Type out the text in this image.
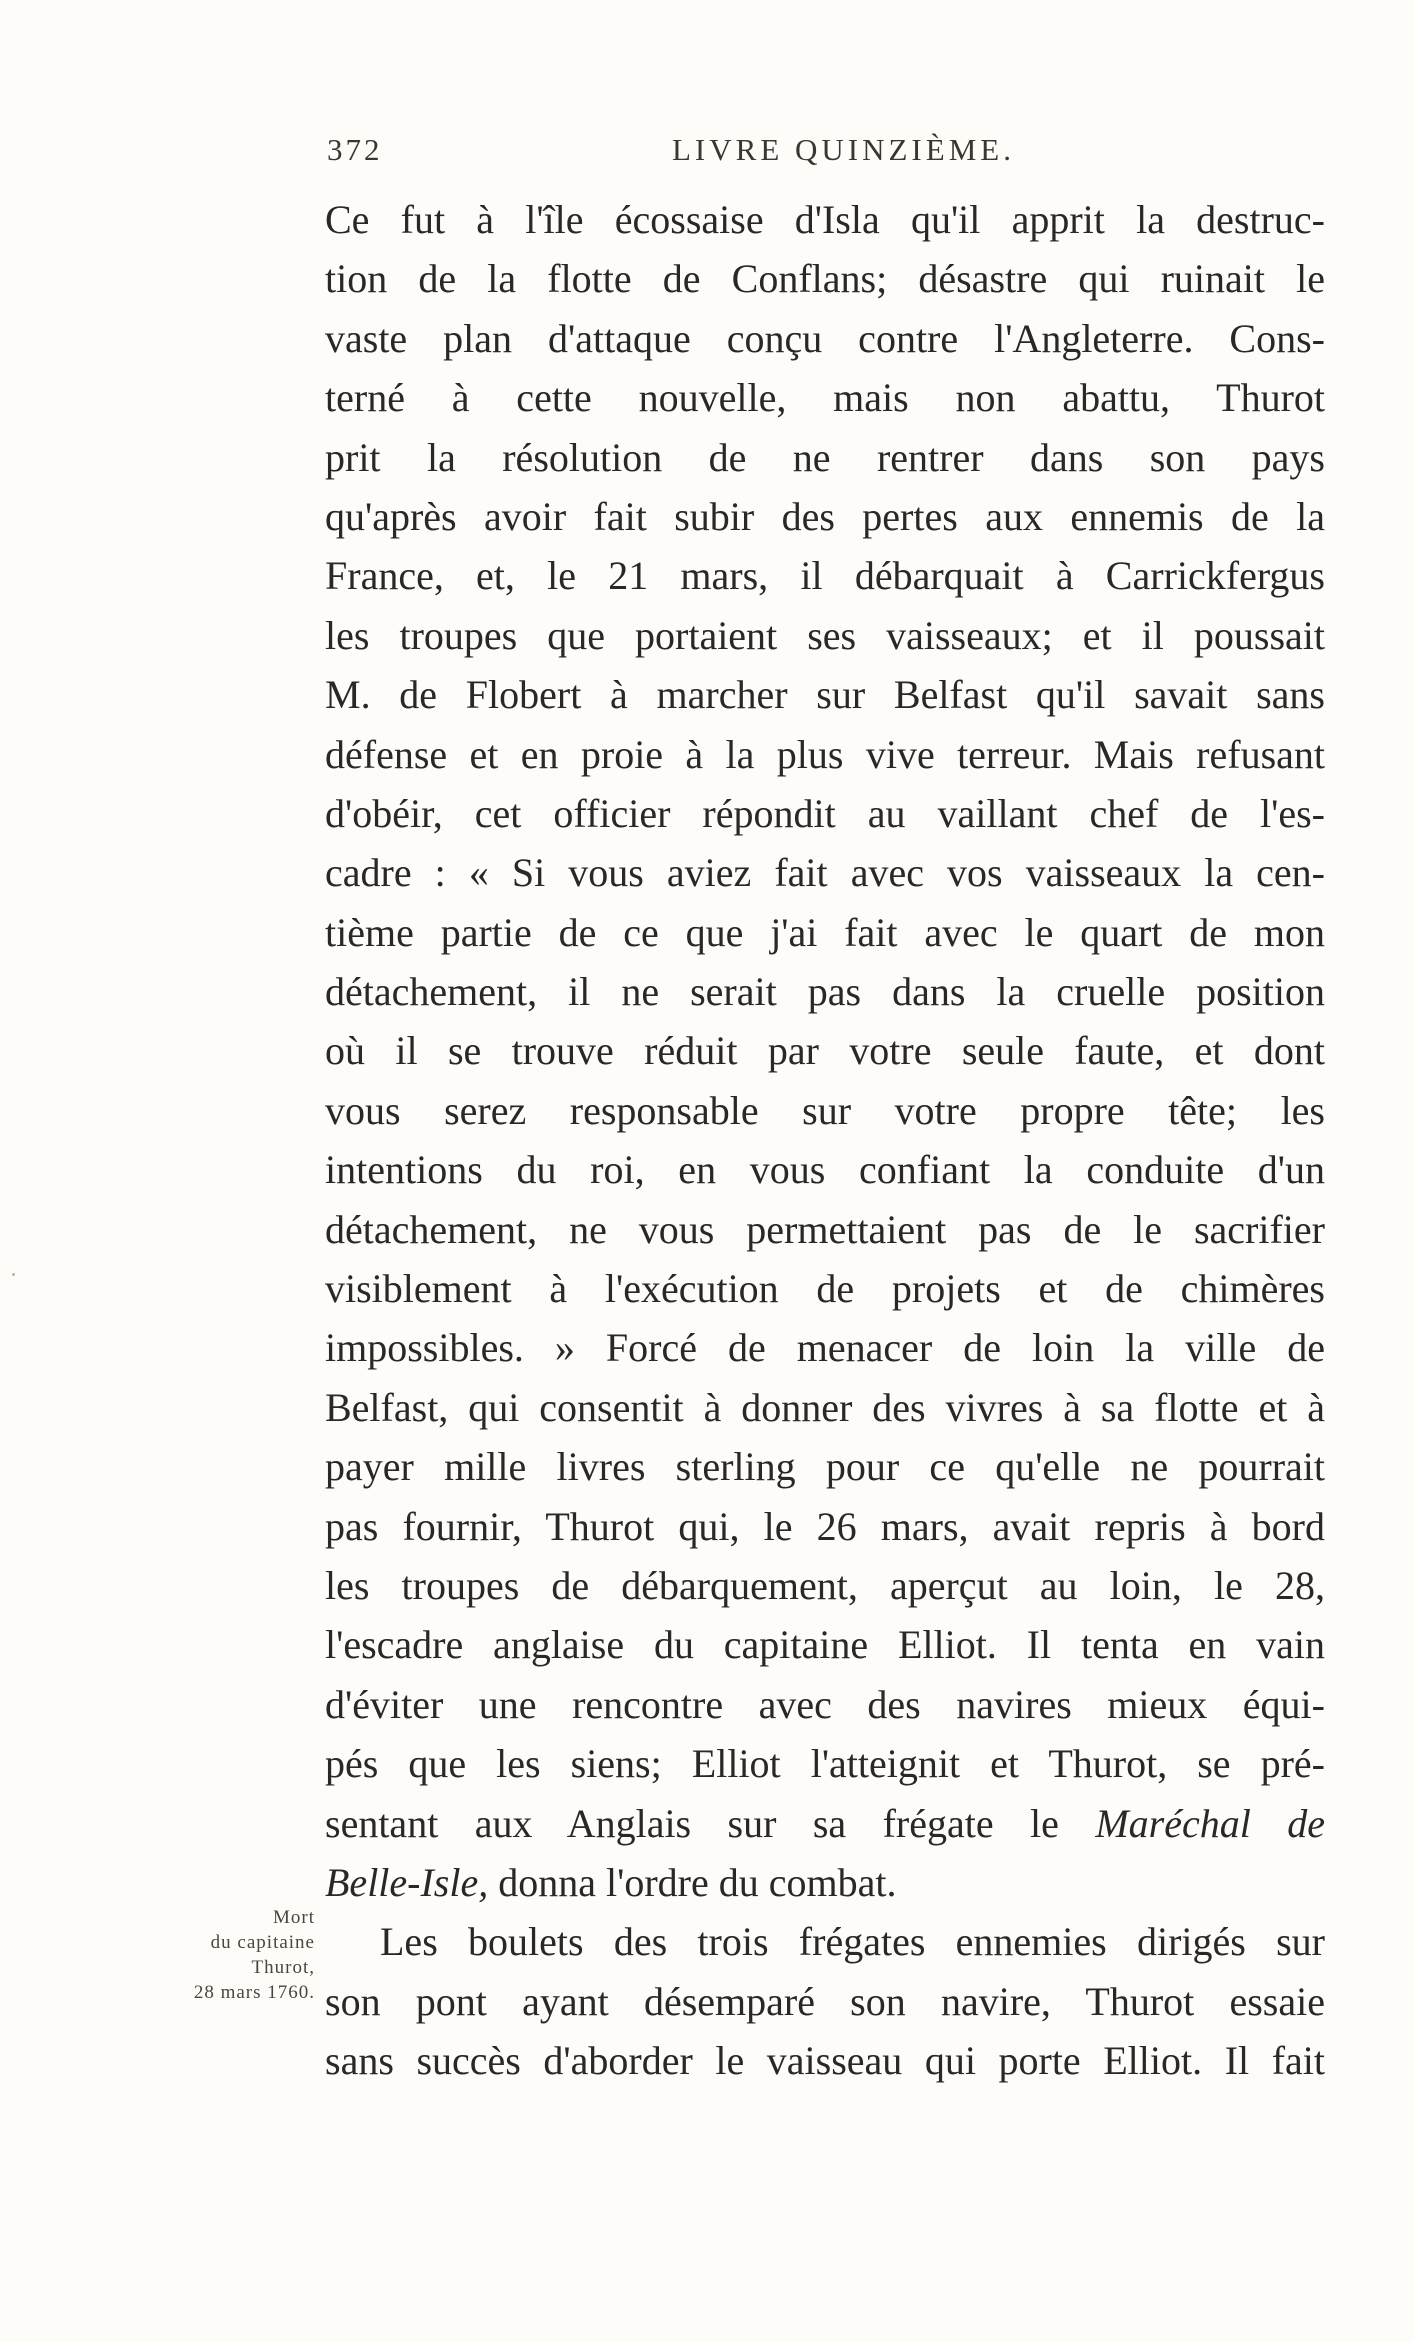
372	LIVRE QUINZIÈME.
Ce fut à l'île écossaise d'Isla qu'il apprit la destruc-
tion de la flotte de Conflans; désastre qui ruinait le
vaste plan d'attaque conçu contre l'Angleterre. Cons-
terné à cette nouvelle, mais non abattu, Thurot
prit la résolution de ne rentrer dans son pays
qu'après avoir fait subir des pertes aux ennemis de la
France, et, le 21 mars, il débarquait à Carrickfergus
les troupes que portaient ses vaisseaux; et il poussait
M. de Flobert à marcher sur Belfast qu'il savait sans
défense et en proie à la plus vive terreur. Mais refusant
d'obéir, cet officier répondit au vaillant chef de l'es-
cadre : « Si vous aviez fait avec vos vaisseaux la cen-
tième partie de ce que j'ai fait avec le quart de mon
détachement, il ne serait pas dans la cruelle position
où il se trouve réduit par votre seule faute, et dont
vous serez responsable sur votre propre tête; les
intentions du roi, en vous confiant la conduite d'un
détachement, ne vous permettaient pas de le sacrifier
visiblement à l'exécution de projets et de chimères
impossibles. » Forcé de menacer de loin la ville de
Belfast, qui consentit à donner des vivres à sa flotte et à
payer mille livres sterling pour ce qu'elle ne pourrait
pas fournir, Thurot qui, le 26 mars, avait repris à bord
les troupes de débarquement, aperçut au loin, le 28,
l'escadre anglaise du capitaine Elliot. Il tenta en vain
d'éviter une rencontre avec des navires mieux équi-
pés que les siens; Elliot l'atteignit et Thurot, se pré-
sentant aux Anglais sur sa frégate le Maréchal de
Belle-Isle, donna l'ordre du combat.
Les boulets des trois frégates ennemies dirigés sur
son pont ayant désemparé son navire, Thurot essaie
sans succès d'aborder le vaisseau qui porte Elliot. Il fait
Mort
du capitaine
Thurot,
28 mars 1760.
